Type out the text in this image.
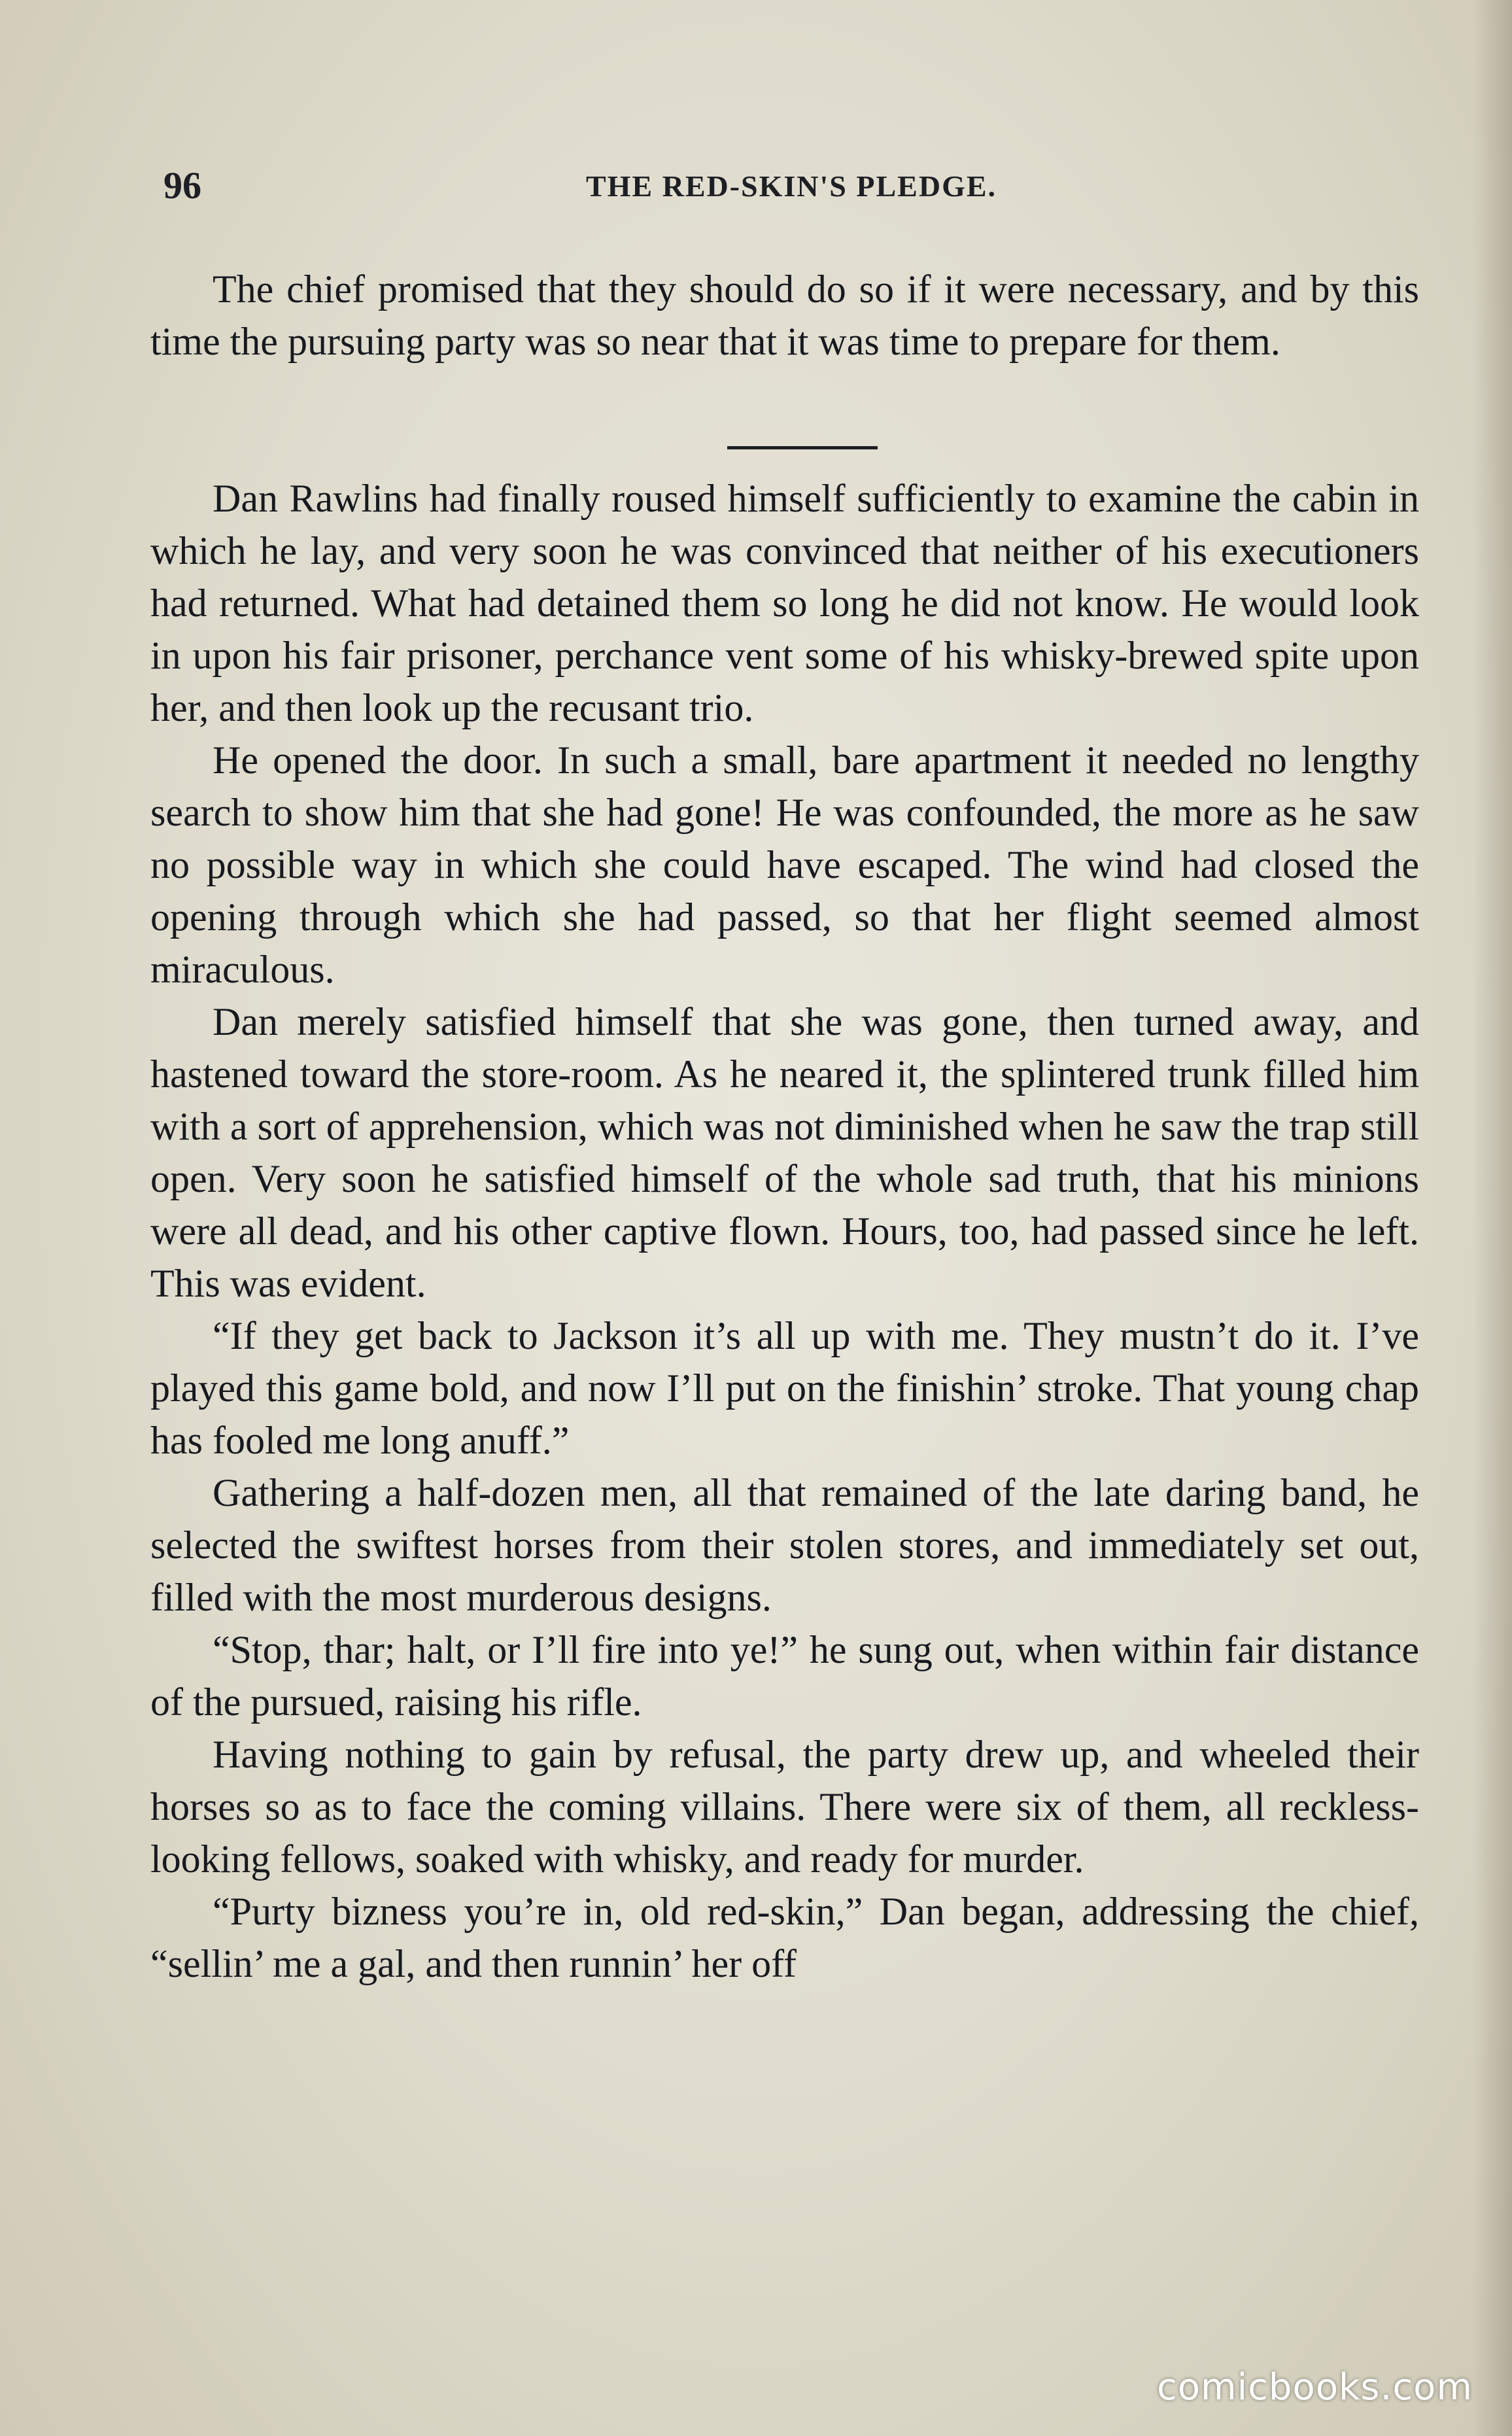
96	THE RED-SKIN'S PLEDGE.

The chief promised that they should do so if it were necessary, and by this time the pursuing party was so near that it was time to prepare for them.

Dan Rawlins had finally roused himself sufficiently to examine the cabin in which he lay, and very soon he was convinced that neither of his executioners had returned. What had detained them so long he did not know. He would look in upon his fair prisoner, perchance vent some of his whisky-brewed spite upon her, and then look up the recusant trio.

He opened the door. In such a small, bare apartment it needed no lengthy search to show him that she had gone! He was confounded, the more as he saw no possible way in which she could have escaped. The wind had closed the opening through which she had passed, so that her flight seemed almost miraculous.

Dan merely satisfied himself that she was gone, then turned away, and hastened toward the store-room. As he neared it, the splintered trunk filled him with a sort of apprehension, which was not diminished when he saw the trap still open. Very soon he satisfied himself of the whole sad truth, that his minions were all dead, and his other captive flown. Hours, too, had passed since he left. This was evident.

“If they get back to Jackson it’s all up with me. They mustn’t do it. I’ve played this game bold, and now I’ll put on the finishin’ stroke. That young chap has fooled me long anuff.”

Gathering a half-dozen men, all that remained of the late daring band, he selected the swiftest horses from their stolen stores, and immediately set out, filled with the most murderous designs.

“Stop, thar; halt, or I’ll fire into ye!” he sung out, when within fair distance of the pursued, raising his rifle.

Having nothing to gain by refusal, the party drew up, and wheeled their horses so as to face the coming villains. There were six of them, all reckless-looking fellows, soaked with whisky, and ready for murder.

“Purty bizness you’re in, old red-skin,” Dan began, addressing the chief, “sellin’ me a gal, and then runnin’ her off

comicbooks.com
